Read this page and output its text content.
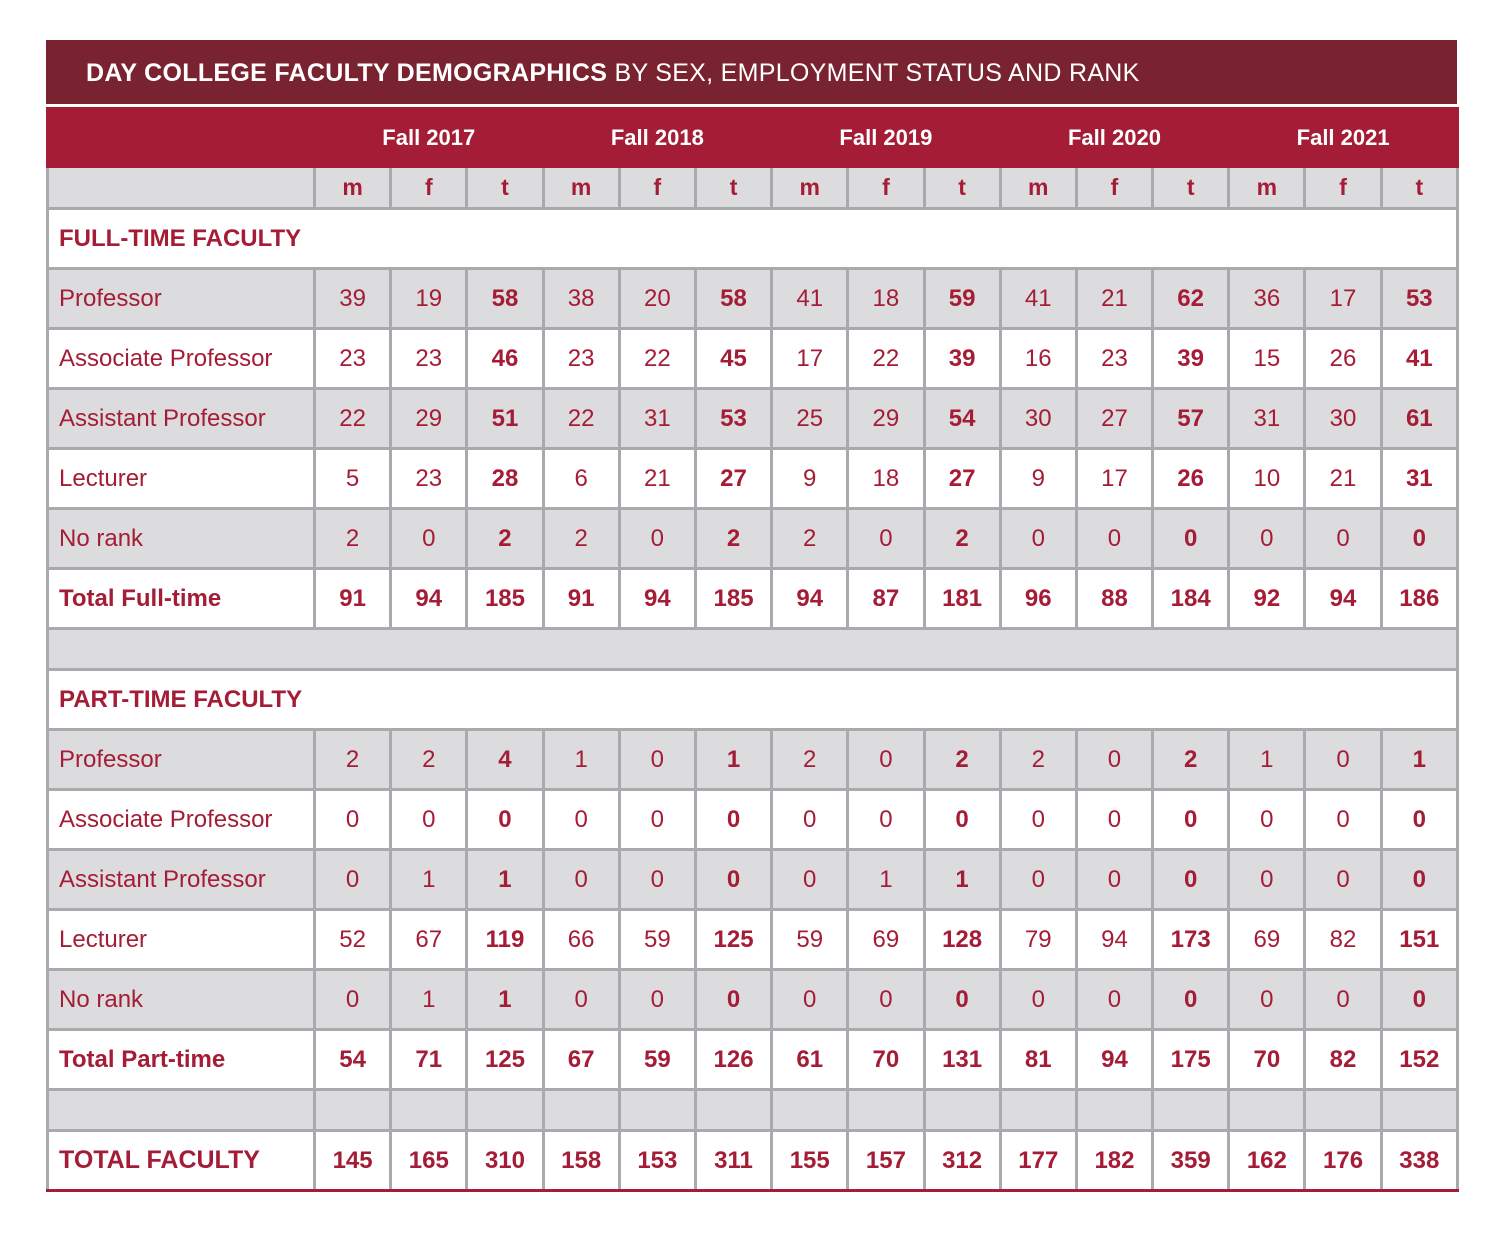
DAY COLLEGE FACULTY DEMOGRAPHICS BY SEX, EMPLOYMENT STATUS AND RANK
	Fall 2017			Fall 2018			Fall 2019			Fall 2020			Fall 2021		
	m	f	t	m	f	t	m	f	t	m	f	t	m	f	t
FULL-TIME FACULTY															
Professor	39	19	58	38	20	58	41	18	59	41	21	62	36	17	53
Associate Professor	23	23	46	23	22	45	17	22	39	16	23	39	15	26	41
Assistant Professor	22	29	51	22	31	53	25	29	54	30	27	57	31	30	61
Lecturer	5	23	28	6	21	27	9	18	27	9	17	26	10	21	31
No rank	2	0	2	2	0	2	2	0	2	0	0	0	0	0	0
Total Full-time	91	94	185	91	94	185	94	87	181	96	88	184	92	94	186

PART-TIME FACULTY															
Professor	2	2	4	1	0	1	2	0	2	2	0	2	1	0	1
Associate Professor	0	0	0	0	0	0	0	0	0	0	0	0	0	0	0
Assistant Professor	0	1	1	0	0	0	0	1	1	0	0	0	0	0	0
Lecturer	52	67	119	66	59	125	59	69	128	79	94	173	69	82	151
No rank	0	1	1	0	0	0	0	0	0	0	0	0	0	0	0
Total Part-time	54	71	125	67	59	126	61	70	131	81	94	175	70	82	152

TOTAL FACULTY	145	165	310	158	153	311	155	157	312	177	182	359	162	176	338
